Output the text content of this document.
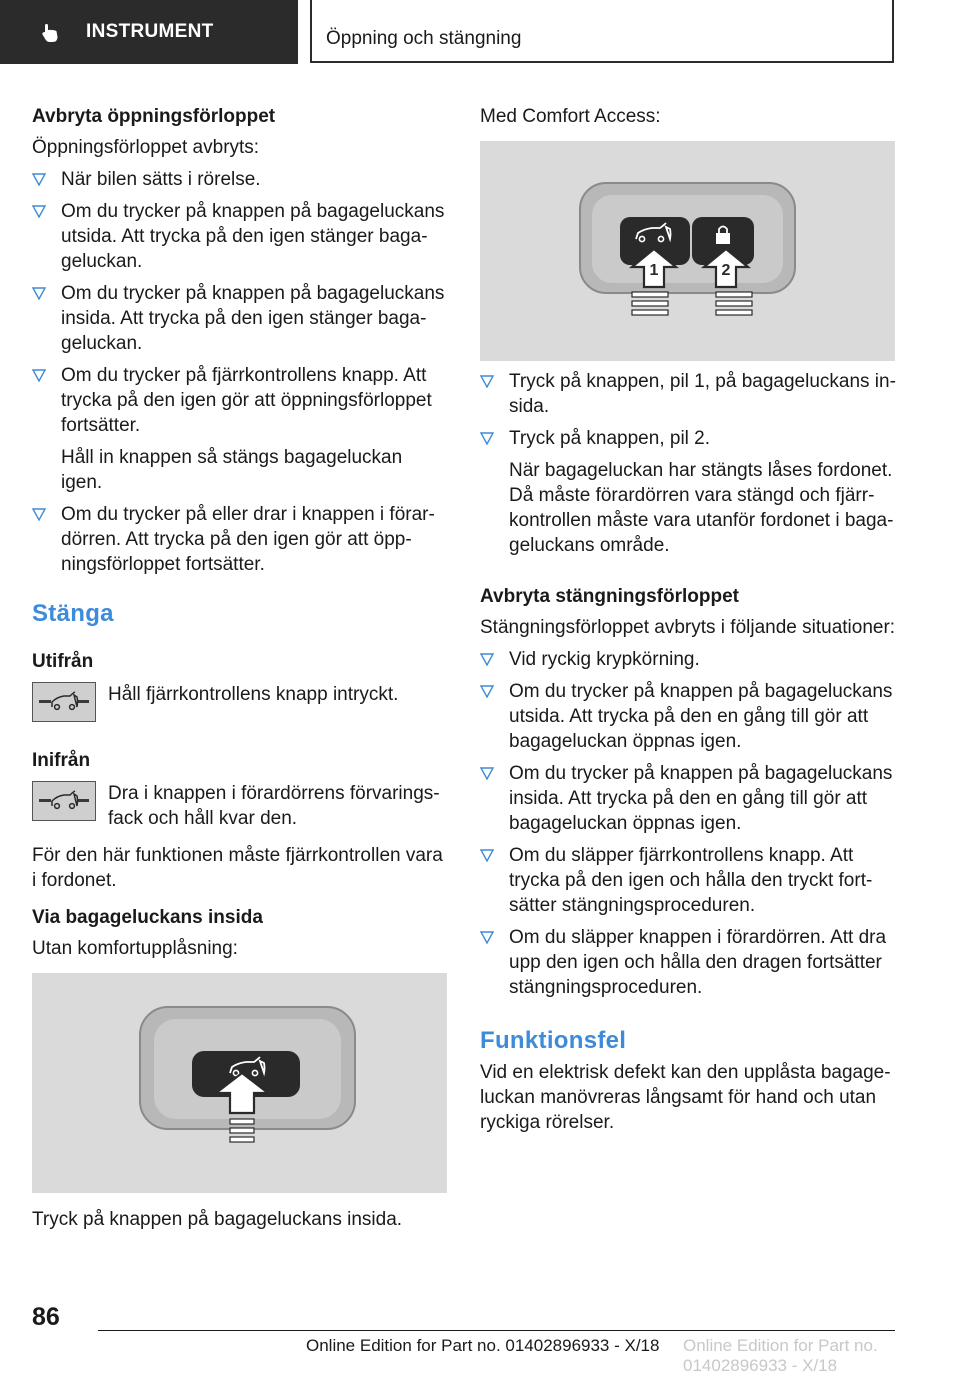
INSTRUMENT	Öppning och stängning

Avbryta öppningsförloppet

Öppningsförloppet avbryts:

När bilen sätts i rörelse.
Om du trycker på knappen på bagageluckans utsida. Att trycka på den igen stänger bagageluckan.
Om du trycker på knappen på bagageluckans insida. Att trycka på den igen stänger bagageluckan.
Om du trycker på fjärrkontrollens knapp. Att trycka på den igen gör att öppningsförloppet fortsätter.
Håll in knappen så stängs bagageluckan igen.
Om du trycker på eller drar i knappen i förardörren. Att trycka på den igen gör att öppningsförloppet fortsätter.
Stänga

Utifrån

Håll fjärrkontrollens knapp intryckt.

Inifrån

Dra i knappen i förardörrens förvaringsfack och håll kvar den.

För den här funktionen måste fjärrkontrollen vara i fordonet.

Via bagageluckans insida

Utan komfortupplåsning:

Tryck på knappen på bagageluckans insida.

Med Comfort Access:

1	2
Tryck på knappen, pil 1, på bagageluckans insida.
Tryck på knappen, pil 2.
När bagageluckan har stängts låses fordonet. Då måste förardörren vara stängd och fjärrkontrollen måste vara utanför fordonet i bagageluckans område.

Avbryta stängningsförloppet

Stängningsförloppet avbryts i följande situationer:

Vid ryckig krypkörning.
Om du trycker på knappen på bagageluckans utsida. Att trycka på den en gång till gör att bagageluckan öppnas igen.
Om du trycker på knappen på bagageluckans insida. Att trycka på den en gång till gör att bagageluckan öppnas igen.
Om du släpper fjärrkontrollens knapp. Att trycka på den igen och hålla den tryckt fortsätter stängningsproceduren.
Om du släpper knappen i förardörren. Att dra upp den igen och hålla den dragen fortsätter stängningsproceduren.
Funktionsfel

Vid en elektrisk defekt kan den upplåsta bagageluckan manövreras långsamt för hand och utan ryckiga rörelser.

86
Online Edition for Part no. 01402896933 - X/18 Online Edition for Part no. 01402896933 - X/18
